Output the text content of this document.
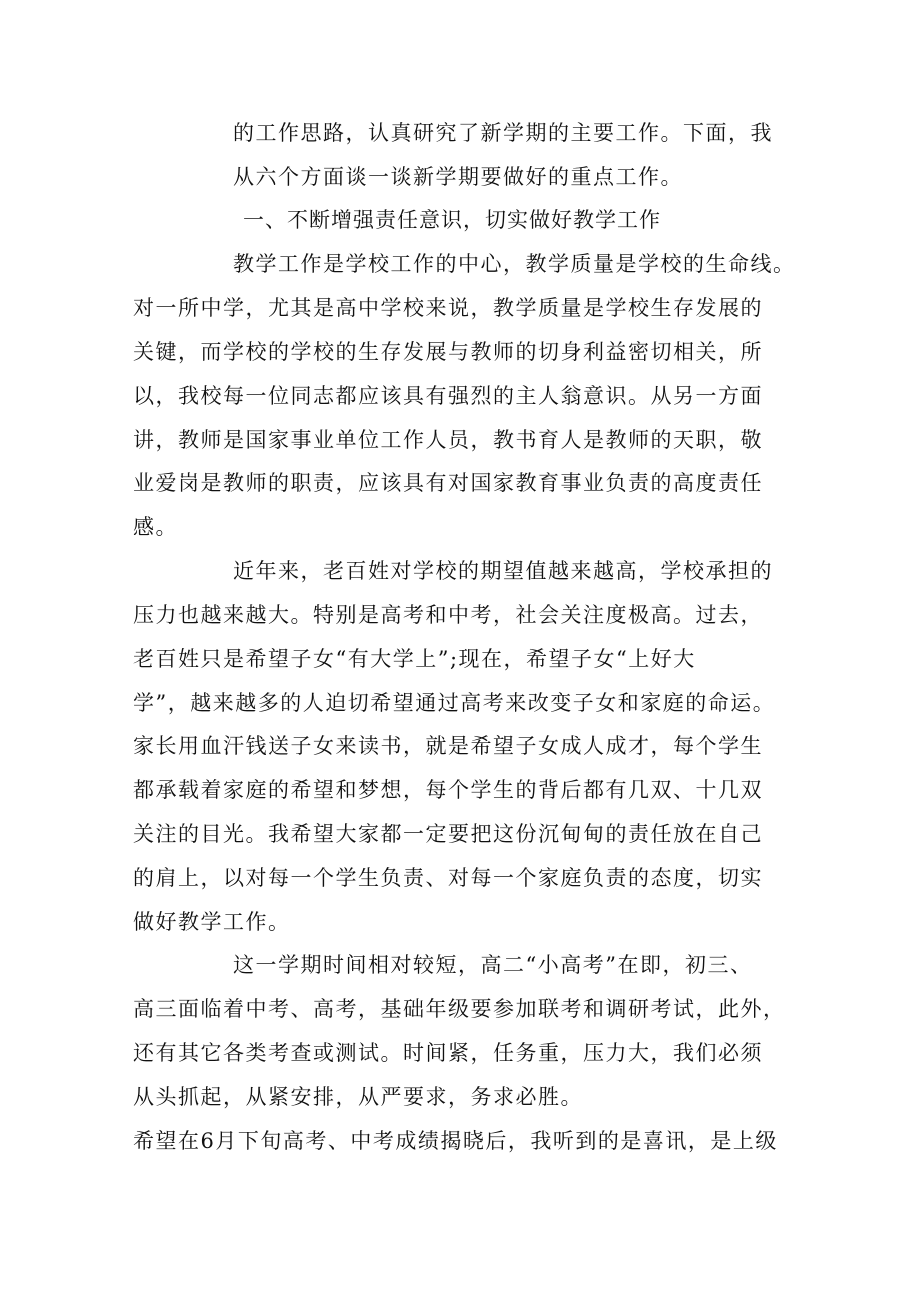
的工作思路，认真研究了新学期的主要工作。下面，我
从六个方面谈一谈新学期要做好的重点工作。
一、不断增强责任意识，切实做好教学工作
教学工作是学校工作的中心，教学质量是学校的生命线。
对一所中学，尤其是高中学校来说，教学质量是学校生存发展的
关键，而学校的学校的生存发展与教师的切身利益密切相关，所
以，我校每一位同志都应该具有强烈的主人翁意识。从另一方面
讲，教师是国家事业单位工作人员，教书育人是教师的天职，敬
业爱岗是教师的职责，应该具有对国家教育事业负责的高度责任
感。
近年来，老百姓对学校的期望值越来越高，学校承担的
压力也越来越大。特别是高考和中考，社会关注度极高。过去，
老百姓只是希望子女“有大学上”;现在，希望子女“上好大
学”，越来越多的人迫切希望通过高考来改变子女和家庭的命运。
家长用血汗钱送子女来读书，就是希望子女成人成才，每个学生
都承载着家庭的希望和梦想，每个学生的背后都有几双、十几双
关注的目光。我希望大家都一定要把这份沉甸甸的责任放在自己
的肩上，以对每一个学生负责、对每一个家庭负责的态度，切实
做好教学工作。
这一学期时间相对较短，高二“小高考”在即，初三、
高三面临着中考、高考，基础年级要参加联考和调研考试，此外，
还有其它各类考查或测试。时间紧，任务重，压力大，我们必须
从头抓起，从紧安排，从严要求，务求必胜。
希望在6月下旬高考、中考成绩揭晓后，我听到的是喜讯，是上级
